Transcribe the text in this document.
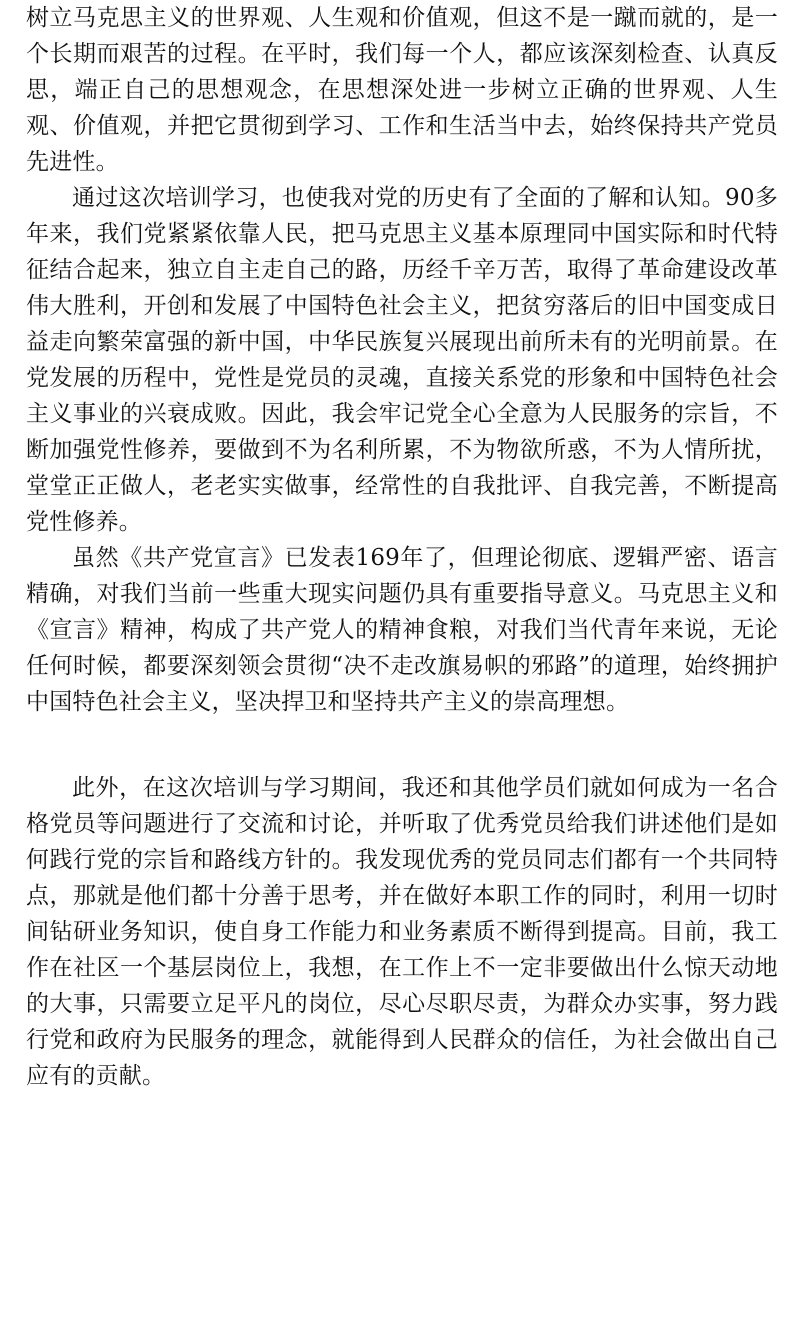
树立马克思主义的世界观、人生观和价值观，但这不是一蹴而就的，是一个长期而艰苦的过程。在平时，我们每一个人，都应该深刻检查、认真反思，端正自己的思想观念，在思想深处进一步树立正确的世界观、人生观、价值观，并把它贯彻到学习、工作和生活当中去，始终保持共产党员先进性。

通过这次培训学习，也使我对党的历史有了全面的了解和认知。90多年来，我们党紧紧依靠人民，把马克思主义基本原理同中国实际和时代特征结合起来，独立自主走自己的路，历经千辛万苦，取得了革命建设改革伟大胜利，开创和发展了中国特色社会主义，把贫穷落后的旧中国变成日益走向繁荣富强的新中国，中华民族复兴展现出前所未有的光明前景。在党发展的历程中，党性是党员的灵魂，直接关系党的形象和中国特色社会主义事业的兴衰成败。因此，我会牢记党全心全意为人民服务的宗旨，不断加强党性修养，要做到不为名利所累，不为物欲所惑，不为人情所扰，堂堂正正做人，老老实实做事，经常性的自我批评、自我完善，不断提高党性修养。

虽然《共产党宣言》已发表169年了，但理论彻底、逻辑严密、语言精确，对我们当前一些重大现实问题仍具有重要指导意义。马克思主义和《宣言》精神，构成了共产党人的精神食粮，对我们当代青年来说，无论任何时候，都要深刻领会贯彻“决不走改旗易帜的邪路”的道理，始终拥护中国特色社会主义，坚决捍卫和坚持共产主义的崇高理想。

此外，在这次培训与学习期间，我还和其他学员们就如何成为一名合格党员等问题进行了交流和讨论，并听取了优秀党员给我们讲述他们是如何践行党的宗旨和路线方针的。我发现优秀的党员同志们都有一个共同特点，那就是他们都十分善于思考，并在做好本职工作的同时，利用一切时间钻研业务知识，使自身工作能力和业务素质不断得到提高。目前，我工作在社区一个基层岗位上，我想，在工作上不一定非要做出什么惊天动地的大事，只需要立足平凡的岗位，尽心尽职尽责，为群众办实事，努力践行党和政府为民服务的理念，就能得到人民群众的信任，为社会做出自己应有的贡献。
